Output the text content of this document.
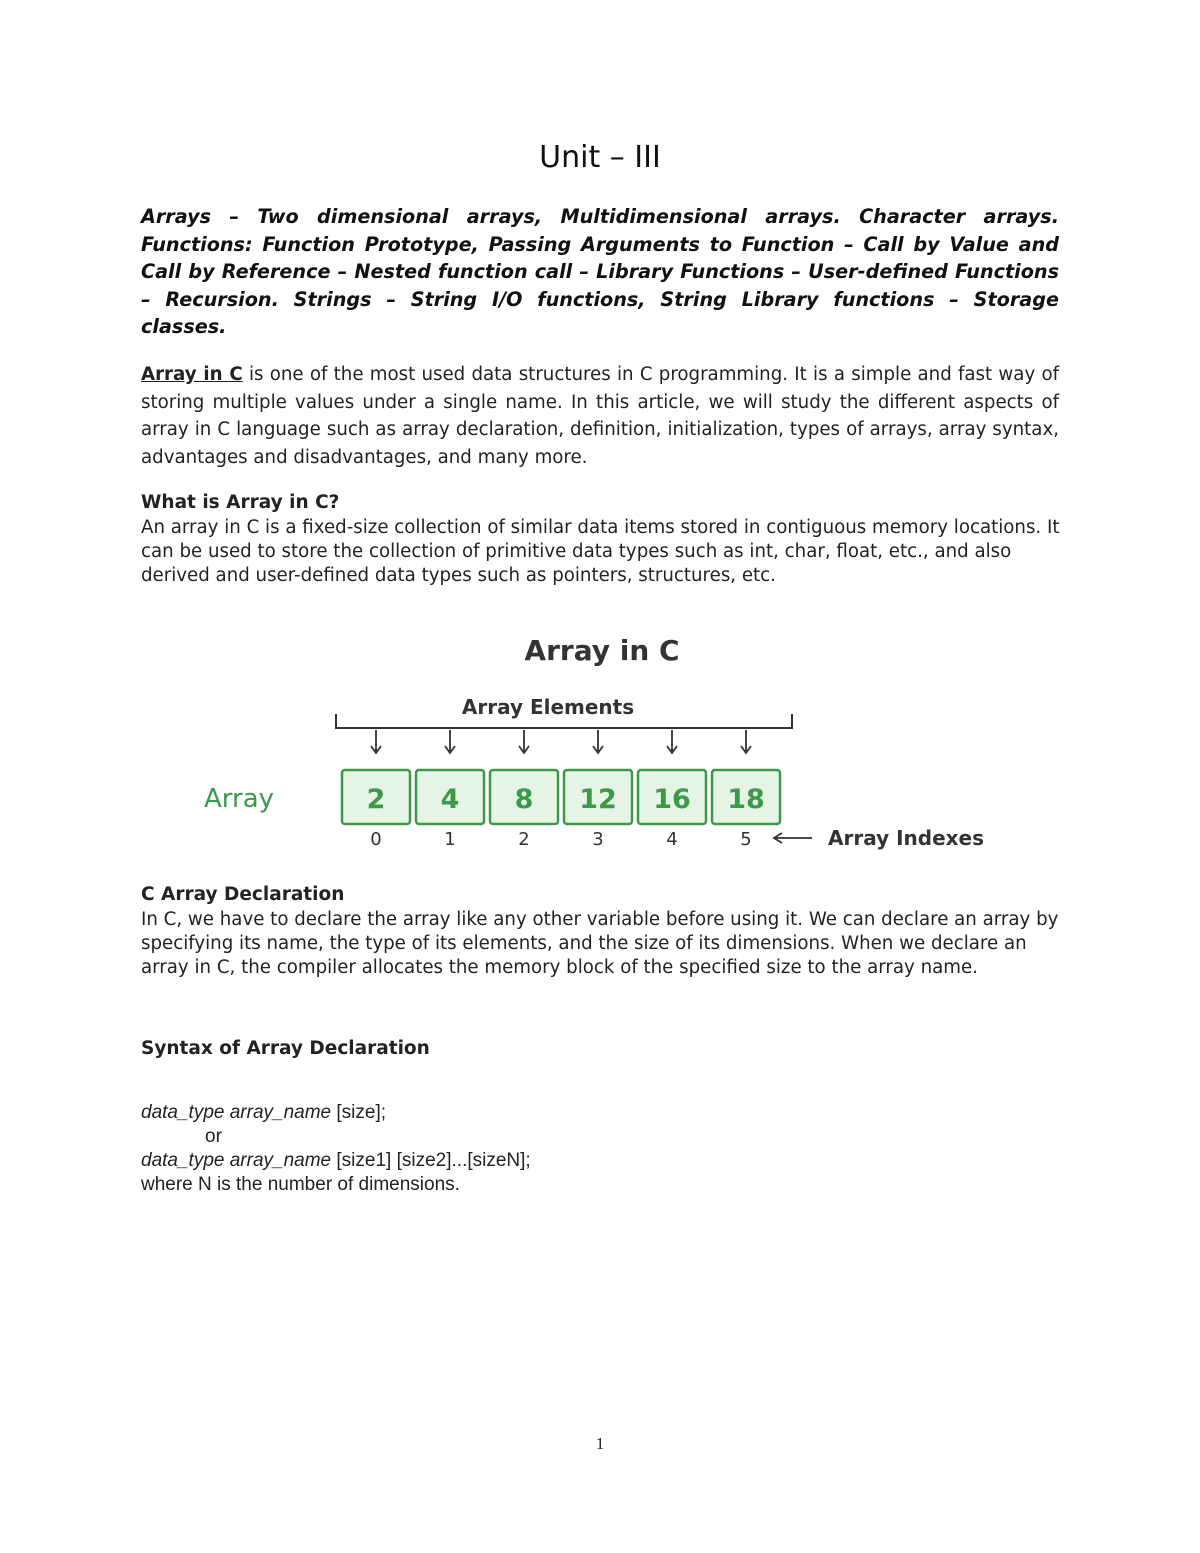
Unit – III

Arrays – Two dimensional arrays, Multidimensional arrays. Character arrays. Functions: Function Prototype, Passing Arguments to Function – Call by Value and Call by Reference – Nested function call – Library Functions – User-defined Functions – Recursion. Strings – String I/O functions, String Library functions – Storage classes.

Array in C is one of the most used data structures in C programming. It is a simple and fast way of storing multiple values under a single name. In this article, we will study the different aspects of array in C language such as array declaration, definition, initialization, types of arrays, array syntax, advantages and disadvantages, and many more.

What is Array in C?

An array in C is a fixed-size collection of similar data items stored in contiguous memory locations. It can be used to store the collection of primitive data types such as int, char, float, etc., and also derived and user-defined data types such as pointers, structures, etc.

Array in C
Array Elements
Array	2 4 8 12 16 18
0	1	2	3	4	5	Array Indexes

C Array Declaration

In C, we have to declare the array like any other variable before using it. We can declare an array by specifying its name, the type of its elements, and the size of its dimensions. When we declare an array in C, the compiler allocates the memory block of the specified size to the array name.

Syntax of Array Declaration

data_type array_name [size];
or
data_type array_name [size1] [size2]...[sizeN];
where N is the number of dimensions.
1
